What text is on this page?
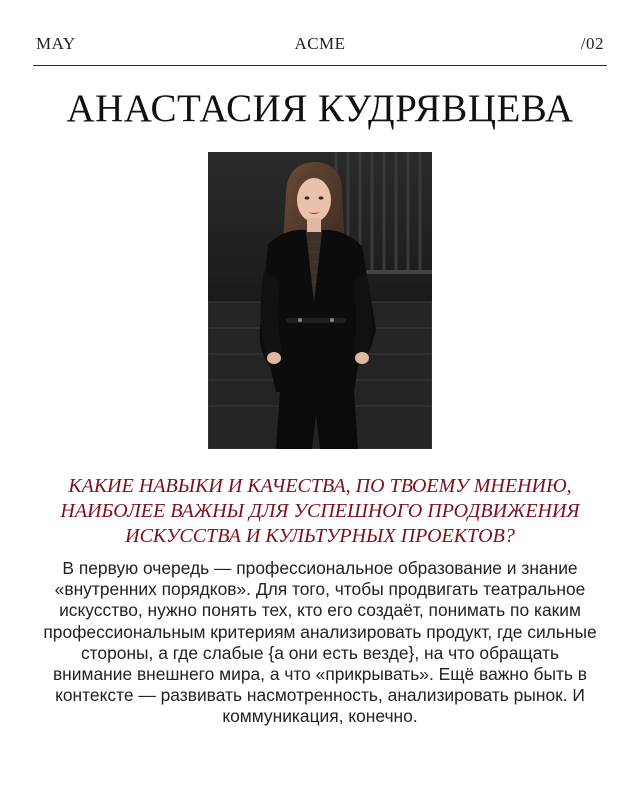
MAY	ACME	/02
АНАСТАСИЯ КУДРЯВЦЕВА
КАКИЕ НАВЫКИ И КАЧЕСТВА, ПО ТВОЕМУ МНЕНИЮ, НАИБОЛЕЕ ВАЖНЫ ДЛЯ УСПЕШНОГО ПРОДВИЖЕНИЯ ИСКУССТВА И КУЛЬТУРНЫХ ПРОЕКТОВ?
В первую очередь — профессиональное образование и знание «внутренних порядков». Для того, чтобы продвигать театральное искусство, нужно понять тех, кто его создаёт, понимать по каким профессиональным критериям анализировать продукт, где сильные стороны, а где слабые {а они есть везде}, на что обращать внимание внешнего мира, а что «прикрывать». Ещё важно быть в контексте — развивать насмотренность, анализировать рынок. И коммуникация, конечно.
